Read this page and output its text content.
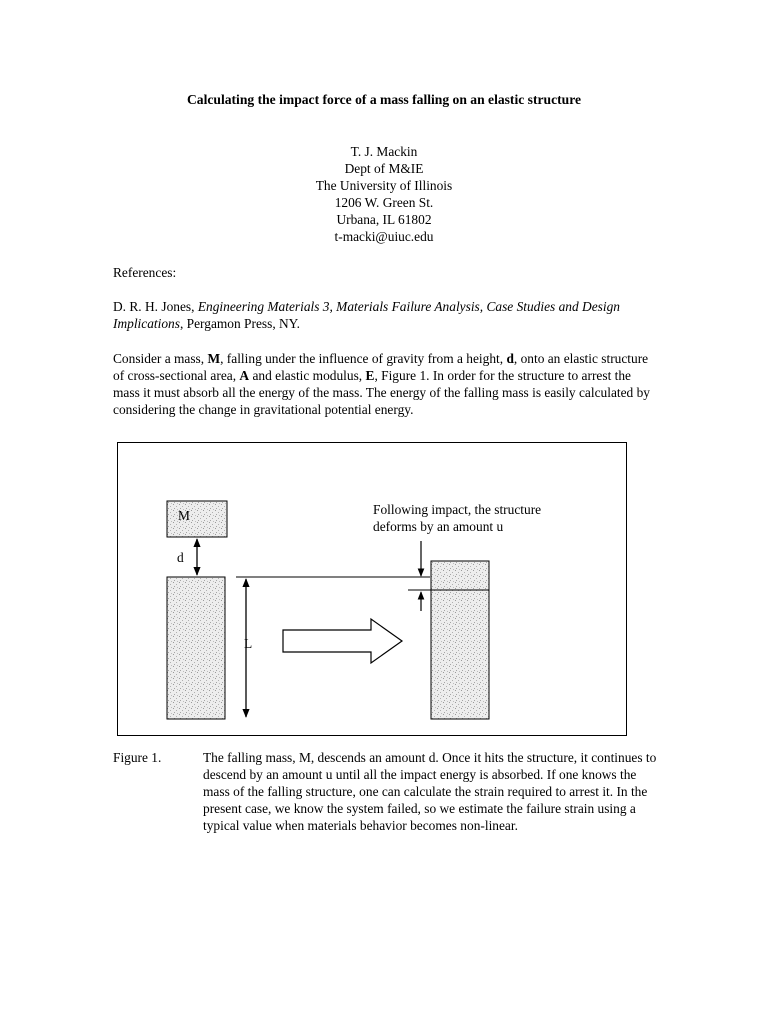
Calculating the impact force of a mass falling on an elastic structure
T. J. Mackin
Dept of M&IE
The University of Illinois
1206 W. Green St.
Urbana, IL 61802
t-macki@uiuc.edu
References:
D. R. H. Jones, Engineering Materials 3, Materials Failure Analysis, Case Studies and Design Implications, Pergamon Press, NY.
Consider a mass, M, falling under the influence of gravity from a height, d, onto an elastic structure of cross-sectional area, A and elastic modulus, E, Figure 1. In order for the structure to arrest the mass it must absorb all the energy of the mass. The energy of the falling mass is easily calculated by considering the change in gravitational potential energy.
M
d
L
Following impact, the structure
deforms by an amount u
Figure 1.	The falling mass, M, descends an amount d. Once it hits the structure, it continues to descend by an amount u until all the impact energy is absorbed. If one knows the mass of the falling structure, one can calculate the strain required to arrest it. In the present case, we know the system failed, so we estimate the failure strain using a typical value when materials behavior becomes non-linear.
